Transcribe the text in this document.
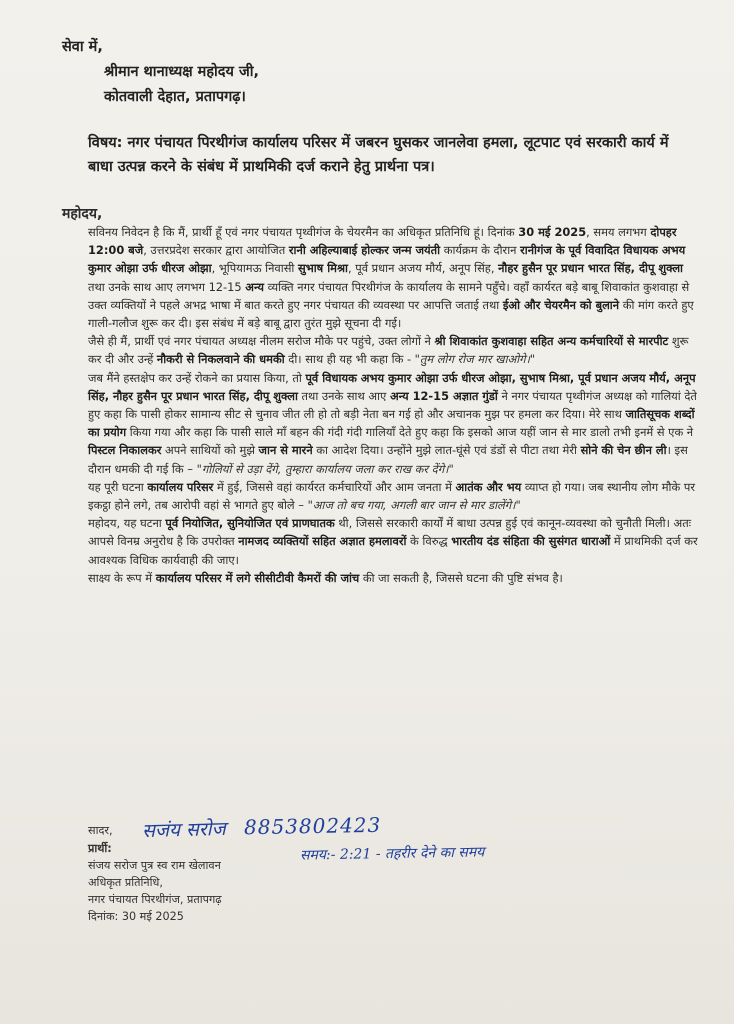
सेवा में,
श्रीमान थानाध्यक्ष महोदय जी,
कोतवाली देहात, प्रतापगढ़।
विषय: नगर पंचायत पिरथीगंज कार्यालय परिसर में जबरन घुसकर जानलेवा हमला, लूटपाट एवं सरकारी कार्य में बाधा उत्पन्न करने के संबंध में प्राथमिकी दर्ज कराने हेतु प्रार्थना पत्र।
महोदय,

सविनय निवेदन है कि मैं, प्रार्थी हूँ एवं नगर पंचायत पृथ्वीगंज के चेयरमैन का अधिकृत प्रतिनिधि हूं। दिनांक 30 मई 2025, समय लगभग दोपहर 12:00 बजे, उत्तरप्रदेश सरकार द्वारा आयोजित रानी अहिल्याबाई होल्कर जन्म जयंती कार्यक्रम के दौरान रानीगंज के पूर्व विवादित विधायक अभय कुमार ओझा उर्फ धीरज ओझा, भूपियामऊ निवासी सुभाष मिश्रा, पूर्व प्रधान अजय मौर्य, अनूप सिंह, नौहर हुसैन पूर प्रधान भारत सिंह, दीपू शुक्ला तथा उनके साथ आए लगभग 12-15 अन्य व्यक्ति नगर पंचायत पिरथीगंज के कार्यालय के सामने पहुँचे। वहाँ कार्यरत बड़े बाबू शिवाकांत कुशवाहा से उक्त व्यक्तियों ने पहले अभद्र भाषा में बात करते हुए नगर पंचायत की व्यवस्था पर आपत्ति जताई तथा ईओ और चेयरमैन को बुलाने की मांग करते हुए गाली-गलौज शुरू कर दी। इस संबंध में बड़े बाबू द्वारा तुरंत मुझे सूचना दी गई।

जैसे ही मैं, प्रार्थी एवं नगर पंचायत अध्यक्ष नीलम सरोज मौके पर पहुंचे, उक्त लोगों ने श्री शिवाकांत कुशवाहा सहित अन्य कर्मचारियों से मारपीट शुरू कर दी और उन्हें नौकरी से निकलवाने की धमकी दी। साथ ही यह भी कहा कि - "तुम लोग रोज मार खाओगे।"

जब मैंने हस्तक्षेप कर उन्हें रोकने का प्रयास किया, तो पूर्व विधायक अभय कुमार ओझा उर्फ धीरज ओझा, सुभाष मिश्रा, पूर्व प्रधान अजय मौर्य, अनूप सिंह, नौहर हुसैन पूर प्रधान भारत सिंह, दीपू शुक्ला तथा उनके साथ आए अन्य 12-15 अज्ञात गुंडों ने नगर पंचायत पृथ्वीगंज अध्यक्ष को गालियां देते हुए कहा कि पासी होकर सामान्य सीट से चुनाव जीत ली हो तो बड़ी नेता बन गई हो और अचानक मुझ पर हमला कर दिया। मेरे साथ जातिसूचक शब्दों का प्रयोग किया गया और कहा कि पासी साले माँ बहन की गंदी गंदी गालियाँ देते हुए कहा कि इसको आज यहीं जान से मार डालो तभी इनमें से एक ने पिस्टल निकालकर अपने साथियों को मुझे जान से मारने का आदेश दिया। उन्होंने मुझे लात-घूंसे एवं डंडों से पीटा तथा मेरी सोने की चेन छीन ली। इस दौरान धमकी दी गई कि – "गोलियों से उड़ा देंगे, तुम्हारा कार्यालय जला कर राख कर देंगे।"

यह पूरी घटना कार्यालय परिसर में हुई, जिससे वहां कार्यरत कर्मचारियों और आम जनता में आतंक और भय व्याप्त हो गया। जब स्थानीय लोग मौके पर इकट्ठा होने लगे, तब आरोपी वहां से भागते हुए बोले – "आज तो बच गया, अगली बार जान से मार डालेंगे।"

महोदय, यह घटना पूर्व नियोजित, सुनियोजित एवं प्राणघातक थी, जिससे सरकारी कार्यों में बाधा उत्पन्न हुई एवं कानून-व्यवस्था को चुनौती मिली। अतः आपसे विनम्र अनुरोध है कि उपरोक्त नामजद व्यक्तियों सहित अज्ञात हमलावरों के विरुद्ध भारतीय दंड संहिता की सुसंगत धाराओं में प्राथमिकी दर्ज कर आवश्यक विधिक कार्यवाही की जाए।

साक्ष्य के रूप में कार्यालय परिसर में लगे सीसीटीवी कैमरों की जांच की जा सकती है, जिससे घटना की पुष्टि संभव है।

सादर,
प्रार्थी:
संजय सरोज पुत्र स्व राम खेलावन
अधिकृत प्रतिनिधि,
नगर पंचायत पिरथीगंज, प्रतापगढ़
दिनांक: 30 मई 2025
सजंय सरोज 8853802423
समय:- 2:21 - तहरीर देने का समय
